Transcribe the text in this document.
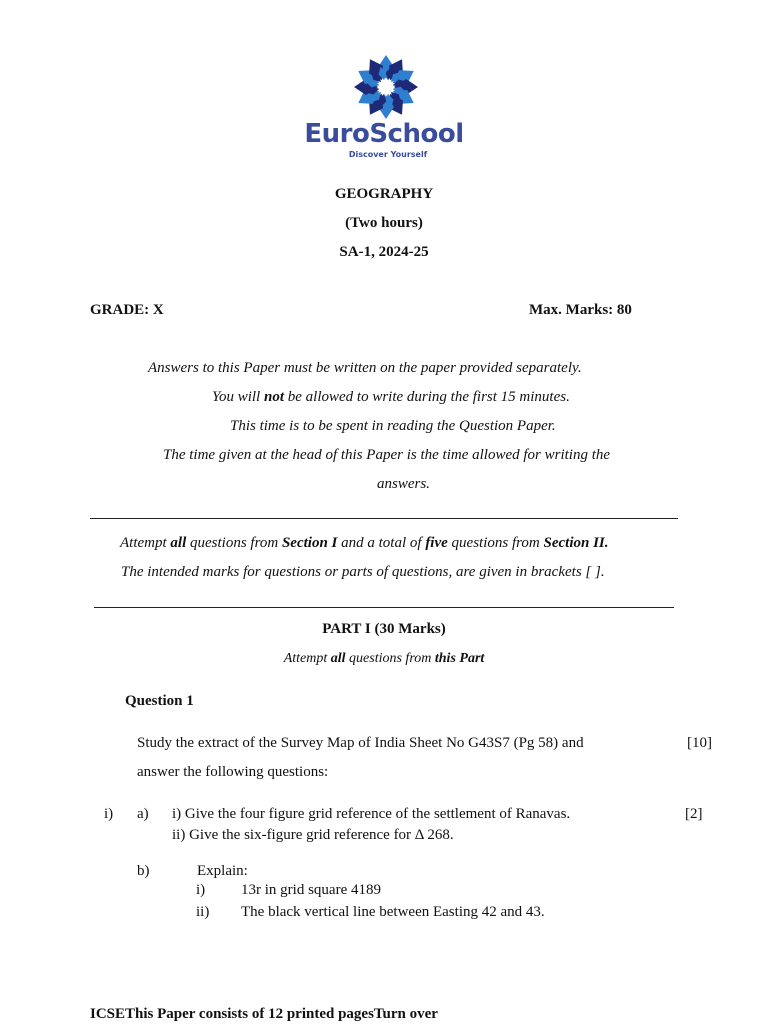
EuroSchool
Discover Yourself
GEOGRAPHY
(Two hours)
SA-1, 2024-25
GRADE: X	Max. Marks: 80
Answers to this Paper must be written on the paper provided separately.
You will not be allowed to write during the first 15 minutes.
This time is to be spent in reading the Question Paper.
The time given at the head of this Paper is the time allowed for writing the
answers.
Attempt all questions from Section I and a total of five questions from Section II.
The intended marks for questions or parts of questions, are given in brackets [ ].
PART I (30 Marks)
Attempt all questions from this Part
Question 1
Study the extract of the Survey Map of India Sheet No G43S7 (Pg 58) and	[10]
answer the following questions:
i) a) i) Give the four figure grid reference of the settlement of Ranavas.	[2]
ii) Give the six-figure grid reference for Δ 268.
b)	Explain:
i) 13r in grid square 4189
ii) The black vertical line between Easting 42 and 43.
ICSEThis Paper consists of 12 printed pagesTurn over
